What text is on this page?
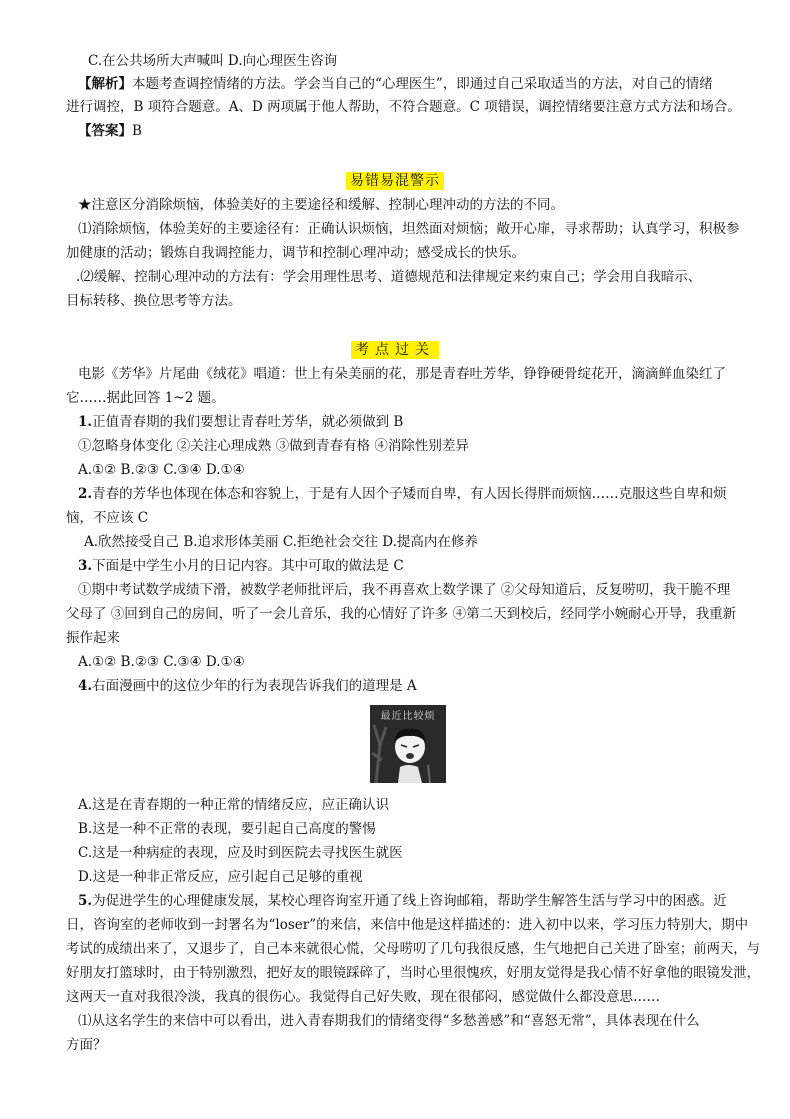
C.在公共场所大声喊叫 D.向心理医生咨询
【解析】本题考查调控情绪的方法。学会当自己的“心理医生”，即通过自己采取适当的方法，对自己的情绪
进行调控，B 项符合题意。A、D 两项属于他人帮助，不符合题意。C 项错误，调控情绪要注意方式方法和场合。
【答案】B
易错易混警示
★注意区分消除烦恼，体验美好的主要途径和缓解、控制心理冲动的方法的不同。
⑴消除烦恼，体验美好的主要途径有：正确认识烦恼，坦然面对烦恼；敞开心扉，寻求帮助；认真学习，积极参
加健康的活动；锻炼自我调控能力，调节和控制心理冲动；感受成长的快乐。
.⑵缓解、控制心理冲动的方法有：学会用理性思考、道德规范和法律规定来约束自己；学会用自我暗示、
目标转移、换位思考等方法。
考点过关
电影《芳华》片尾曲《绒花》唱道：世上有朵美丽的花，那是青春吐芳华，铮铮硬骨绽花开，滴滴鲜血染红了
它……据此回答 1~2 题。
1.正值青春期的我们要想让青春吐芳华，就必须做到 B
①忽略身体变化 ②关注心理成熟 ③做到青春有格 ④消除性别差异
A.①② B.②③ C.③④ D.①④
2.青春的芳华也体现在体态和容貌上，于是有人因个子矮而自卑，有人因长得胖而烦恼……克服这些自卑和烦
恼，不应该 C
A.欣然接受自己 B.追求形体美丽 C.拒绝社会交往 D.提高内在修养
3.下面是中学生小月的日记内容。其中可取的做法是 C
①期中考试数学成绩下滑，被数学老师批评后，我不再喜欢上数学课了 ②父母知道后，反复唠叨，我干脆不理
父母了 ③回到自己的房间，听了一会儿音乐，我的心情好了许多 ④第二天到校后，经同学小婉耐心开导，我重新
振作起来
A.①② B.②③ C.③④ D.①④
4.右面漫画中的这位少年的行为表现告诉我们的道理是 A
最近比较烦
A.这是在青春期的一种正常的情绪反应，应正确认识
B.这是一种不正常的表现，要引起自己高度的警惕
C.这是一种病症的表现，应及时到医院去寻找医生就医
D.这是一种非正常反应，应引起自己足够的重视
5.为促进学生的心理健康发展，某校心理咨询室开通了线上咨询邮箱，帮助学生解答生活与学习中的困惑。近
日，咨询室的老师收到一封署名为“loser”的来信，来信中他是这样描述的：进入初中以来，学习压力特别大，期中
考试的成绩出来了，又退步了，自己本来就很心慌，父母唠叨了几句我很反感，生气地把自己关进了卧室；前两天，与
好朋友打篮球时，由于特别激烈，把好友的眼镜踩碎了，当时心里很愧疚，好朋友觉得是我心情不好拿他的眼镜发泄，
这两天一直对我很冷淡，我真的很伤心。我觉得自己好失败，现在很郁闷，感觉做什么都没意思……
⑴从这名学生的来信中可以看出，进入青春期我们的情绪变得“多愁善感”和“喜怒无常”，具体表现在什么
方面？
